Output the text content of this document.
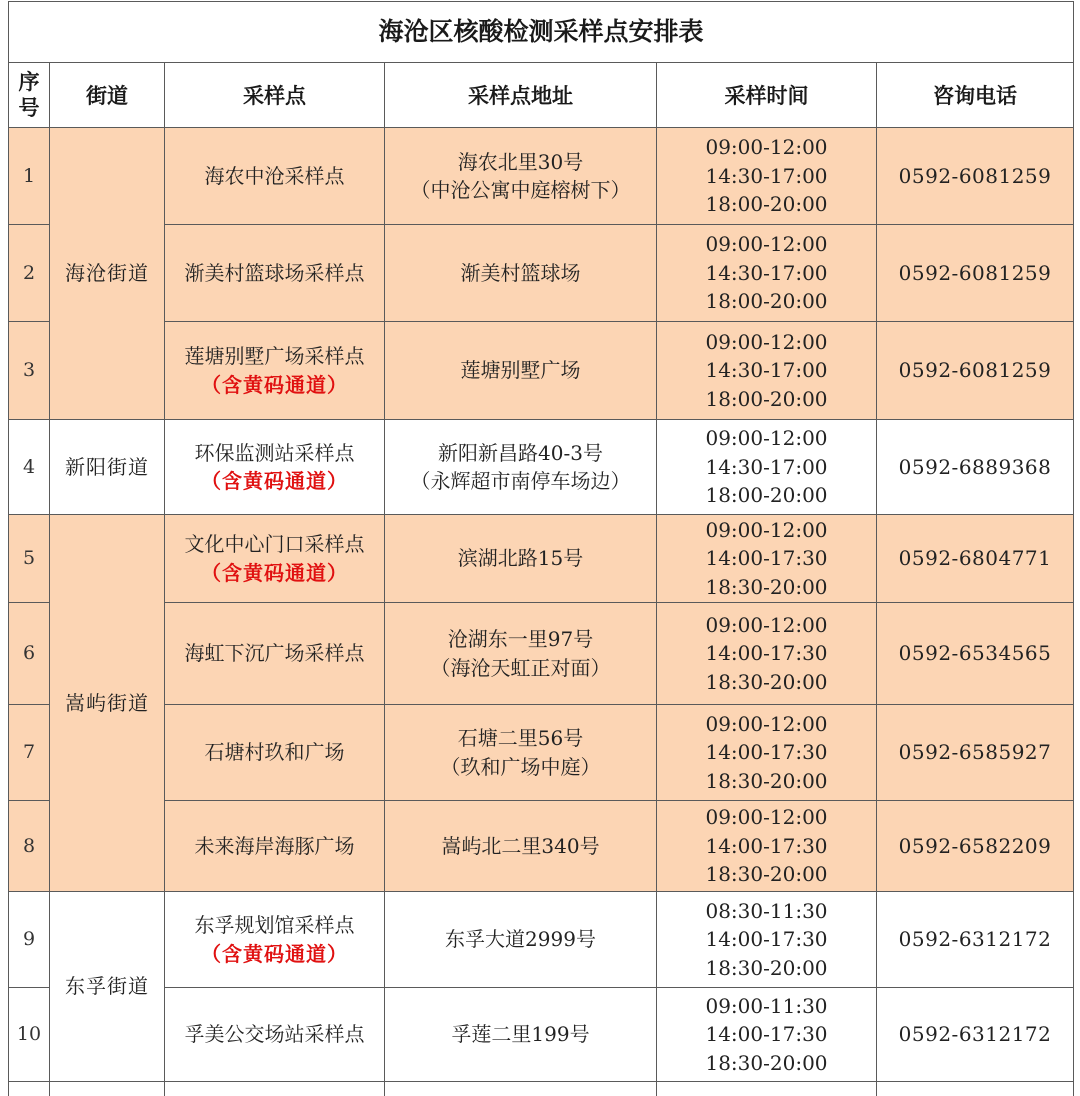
海沧区核酸检测采样点安排表					
序号	街道	采样点	采样点地址	采样时间	咨询电话
1	海沧街道	海农中沧采样点	海农北里30号
（中沧公寓中庭榕树下）	09:00-12:00
14:30-17:00
18:00-20:00	0592-6081259
2		渐美村篮球场采样点	渐美村篮球场	09:00-12:00
14:30-17:00
18:00-20:00	0592-6081259
3		莲塘别墅广场采样点
（含黄码通道）	莲塘别墅广场	09:00-12:00
14:30-17:00
18:00-20:00	0592-6081259
4	新阳街道	环保监测站采样点
（含黄码通道）	新阳新昌路40-3号
（永辉超市南停车场边）	09:00-12:00
14:30-17:00
18:00-20:00	0592-6889368
5	嵩屿街道	文化中心门口采样点
（含黄码通道）	滨湖北路15号	09:00-12:00
14:00-17:30
18:30-20:00	0592-6804771
6		海虹下沉广场采样点	沧湖东一里97号
（海沧天虹正对面）	09:00-12:00
14:00-17:30
18:30-20:00	0592-6534565
7		石塘村玖和广场	石塘二里56号
（玖和广场中庭）	09:00-12:00
14:00-17:30
18:30-20:00	0592-6585927
8		未来海岸海豚广场	嵩屿北二里340号	09:00-12:00
14:00-17:30
18:30-20:00	0592-6582209
9	东孚街道	东孚规划馆采样点
（含黄码通道）	东孚大道2999号	08:30-11:30
14:00-17:30
18:30-20:00	0592-6312172
10		孚美公交场站采样点	孚莲二里199号	09:00-11:30
14:00-17:30
18:30-20:00	0592-6312172
